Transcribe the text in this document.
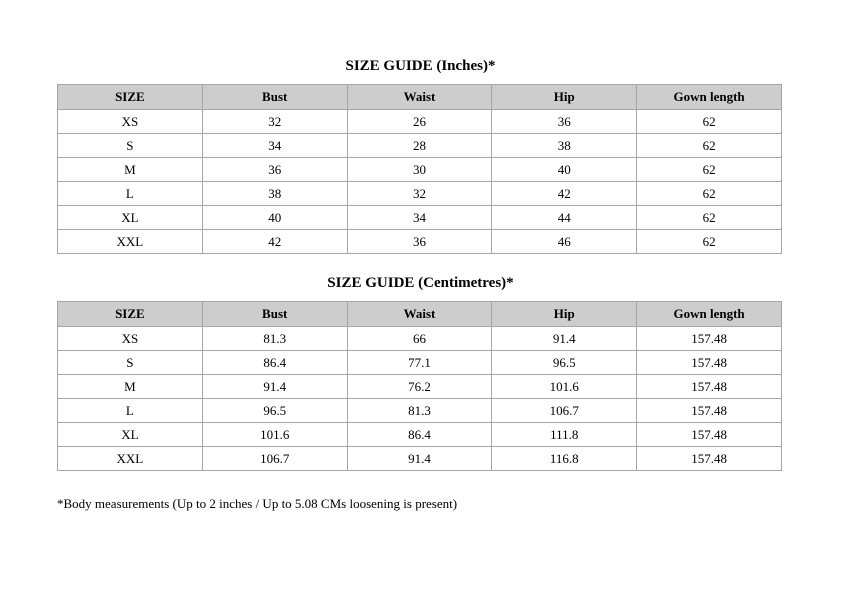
SIZE GUIDE (Inches)*
SIZE	Bust	Waist	Hip	Gown length
XS	32	26	36	62
S	34	28	38	62
M	36	30	40	62
L	38	32	42	62
XL	40	34	44	62
XXL	42	36	46	62
SIZE GUIDE (Centimetres)*
SIZE	Bust	Waist	Hip	Gown length
XS	81.3	66	91.4	157.48
S	86.4	77.1	96.5	157.48
M	91.4	76.2	101.6	157.48
L	96.5	81.3	106.7	157.48
XL	101.6	86.4	111.8	157.48
XXL	106.7	91.4	116.8	157.48
*Body measurements (Up to 2 inches / Up to 5.08 CMs loosening is present)
